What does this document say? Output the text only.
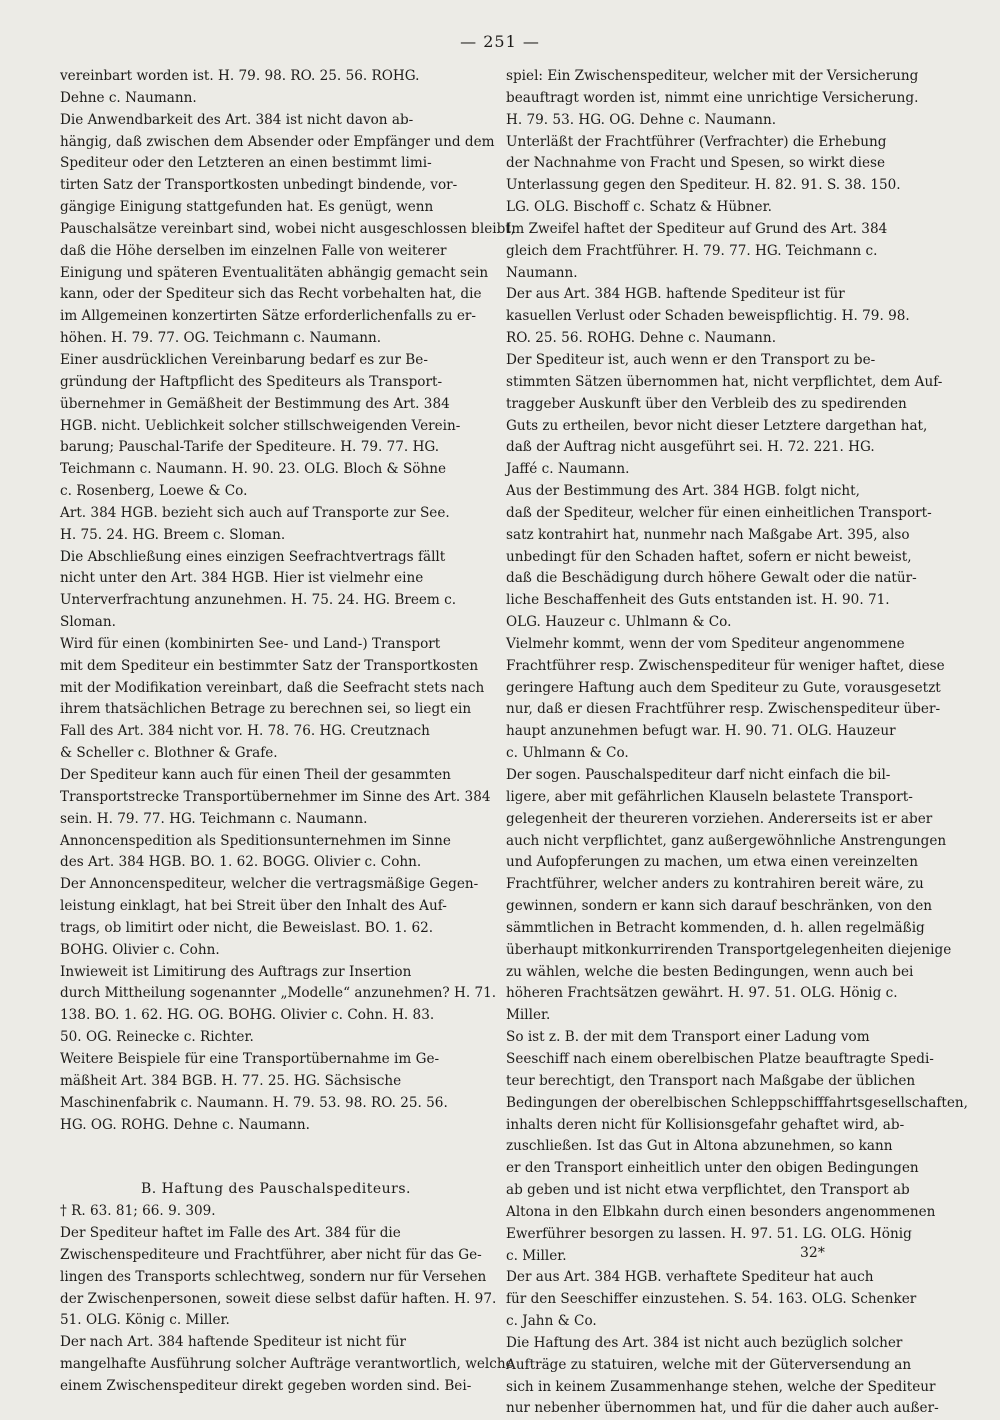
— 251 —
vereinbart worden ist. H. 79. 98. RO. 25. 56. ROHG.
Dehne c. Naumann.
Die Anwendbarkeit des Art. 384 ist nicht davon ab-
hängig, daß zwischen dem Absender oder Empfänger und dem
Spediteur oder den Letzteren an einen bestimmt limi-
tirten Satz der Transportkosten unbedingt bindende, vor-
gängige Einigung stattgefunden hat. Es genügt, wenn
Pauschalsätze vereinbart sind, wobei nicht ausgeschlossen bleibt,
daß die Höhe derselben im einzelnen Falle von weiterer
Einigung und späteren Eventualitäten abhängig gemacht sein
kann, oder der Spediteur sich das Recht vorbehalten hat, die
im Allgemeinen konzertirten Sätze erforderlichenfalls zu er-
höhen. H. 79. 77. OG. Teichmann c. Naumann.
Einer ausdrücklichen Vereinbarung bedarf es zur Be-
gründung der Haftpflicht des Spediteurs als Transport-
übernehmer in Gemäßheit der Bestimmung des Art. 384
HGB. nicht. Ueblichkeit solcher stillschweigenden Verein-
barung; Pauschal-Tarife der Spediteure. H. 79. 77. HG.
Teichmann c. Naumann. H. 90. 23. OLG. Bloch & Söhne
c. Rosenberg, Loewe & Co.
Art. 384 HGB. bezieht sich auch auf Transporte zur See.
H. 75. 24. HG. Breem c. Sloman.
Die Abschließung eines einzigen Seefrachtvertrags fällt
nicht unter den Art. 384 HGB. Hier ist vielmehr eine
Unterverfrachtung anzunehmen. H. 75. 24. HG. Breem c.
Sloman.
Wird für einen (kombinirten See- und Land-) Transport
mit dem Spediteur ein bestimmter Satz der Transportkosten
mit der Modifikation vereinbart, daß die Seefracht stets nach
ihrem thatsächlichen Betrage zu berechnen sei, so liegt ein
Fall des Art. 384 nicht vor. H. 78. 76. HG. Creutznach
& Scheller c. Blothner & Grafe.
Der Spediteur kann auch für einen Theil der gesammten
Transportstrecke Transportübernehmer im Sinne des Art. 384
sein. H. 79. 77. HG. Teichmann c. Naumann.
Annoncenspedition als Speditionsunternehmen im Sinne
des Art. 384 HGB. BO. 1. 62. BOGG. Olivier c. Cohn.
Der Annoncenspediteur, welcher die vertragsmäßige Gegen-
leistung einklagt, hat bei Streit über den Inhalt des Auf-
trags, ob limitirt oder nicht, die Beweislast. BO. 1. 62.
BOHG. Olivier c. Cohn.
Inwieweit ist Limitirung des Auftrags zur Insertion
durch Mittheilung sogenannter „Modelle“ anzunehmen? H. 71.
138. BO. 1. 62. HG. OG. BOHG. Olivier c. Cohn. H. 83.
50. OG. Reinecke c. Richter.
Weitere Beispiele für eine Transportübernahme im Ge-
mäßheit Art. 384 BGB. H. 77. 25. HG. Sächsische
Maschinenfabrik c. Naumann. H. 79. 53. 98. RO. 25. 56.
HG. OG. ROHG. Dehne c. Naumann.
B. Haftung des Pauschalspediteurs.
† R. 63. 81; 66. 9. 309.
Der Spediteur haftet im Falle des Art. 384 für die
Zwischenspediteure und Frachtführer, aber nicht für das Ge-
lingen des Transports schlechtweg, sondern nur für Versehen
der Zwischenpersonen, soweit diese selbst dafür haften. H. 97.
51. OLG. König c. Miller.
Der nach Art. 384 haftende Spediteur ist nicht für
mangelhafte Ausführung solcher Aufträge verantwortlich, welche
einem Zwischenspediteur direkt gegeben worden sind. Bei-
spiel: Ein Zwischenspediteur, welcher mit der Versicherung
beauftragt worden ist, nimmt eine unrichtige Versicherung.
H. 79. 53. HG. OG. Dehne c. Naumann.
Unterläßt der Frachtführer (Verfrachter) die Erhebung
der Nachnahme von Fracht und Spesen, so wirkt diese
Unterlassung gegen den Spediteur. H. 82. 91. S. 38. 150.
LG. OLG. Bischoff c. Schatz & Hübner.
Im Zweifel haftet der Spediteur auf Grund des Art. 384
gleich dem Frachtführer. H. 79. 77. HG. Teichmann c.
Naumann.
Der aus Art. 384 HGB. haftende Spediteur ist für
kasuellen Verlust oder Schaden beweispflichtig. H. 79. 98.
RO. 25. 56. ROHG. Dehne c. Naumann.
Der Spediteur ist, auch wenn er den Transport zu be-
stimmten Sätzen übernommen hat, nicht verpflichtet, dem Auf-
traggeber Auskunft über den Verbleib des zu spedirenden
Guts zu ertheilen, bevor nicht dieser Letztere dargethan hat,
daß der Auftrag nicht ausgeführt sei. H. 72. 221. HG.
Jaffé c. Naumann.
Aus der Bestimmung des Art. 384 HGB. folgt nicht,
daß der Spediteur, welcher für einen einheitlichen Transport-
satz kontrahirt hat, nunmehr nach Maßgabe Art. 395, also
unbedingt für den Schaden haftet, sofern er nicht beweist,
daß die Beschädigung durch höhere Gewalt oder die natür-
liche Beschaffenheit des Guts entstanden ist. H. 90. 71.
OLG. Hauzeur c. Uhlmann & Co.
Vielmehr kommt, wenn der vom Spediteur angenommene
Frachtführer resp. Zwischenspediteur für weniger haftet, diese
geringere Haftung auch dem Spediteur zu Gute, vorausgesetzt
nur, daß er diesen Frachtführer resp. Zwischenspediteur über-
haupt anzunehmen befugt war. H. 90. 71. OLG. Hauzeur
c. Uhlmann & Co.
Der sogen. Pauschalspediteur darf nicht einfach die bil-
ligere, aber mit gefährlichen Klauseln belastete Transport-
gelegenheit der theureren vorziehen. Andererseits ist er aber
auch nicht verpflichtet, ganz außergewöhnliche Anstrengungen
und Aufopferungen zu machen, um etwa einen vereinzelten
Frachtführer, welcher anders zu kontrahiren bereit wäre, zu
gewinnen, sondern er kann sich darauf beschränken, von den
sämmtlichen in Betracht kommenden, d. h. allen regelmäßig
überhaupt mitkonkurrirenden Transportgelegenheiten diejenige
zu wählen, welche die besten Bedingungen, wenn auch bei
höheren Frachtsätzen gewährt. H. 97. 51. OLG. Hönig c.
Miller.
So ist z. B. der mit dem Transport einer Ladung vom
Seeschiff nach einem oberelbischen Platze beauftragte Spedi-
teur berechtigt, den Transport nach Maßgabe der üblichen
Bedingungen der oberelbischen Schleppschifffahrtsgesellschaften,
inhalts deren nicht für Kollisionsgefahr gehaftet wird, ab-
zuschließen. Ist das Gut in Altona abzunehmen, so kann
er den Transport einheitlich unter den obigen Bedingungen
ab geben und ist nicht etwa verpflichtet, den Transport ab
Altona in den Elbkahn durch einen besonders angenommenen
Ewerführer besorgen zu lassen. H. 97. 51. LG. OLG. Hönig
c. Miller.
Der aus Art. 384 HGB. verhaftete Spediteur hat auch
für den Seeschiffer einzustehen. S. 54. 163. OLG. Schenker
c. Jahn & Co.
Die Haftung des Art. 384 ist nicht auch bezüglich solcher
Aufträge zu statuiren, welche mit der Güterversendung an
sich in keinem Zusammenhange stehen, welche der Spediteur
nur nebenher übernommen hat, und für die daher auch außer-
32*
